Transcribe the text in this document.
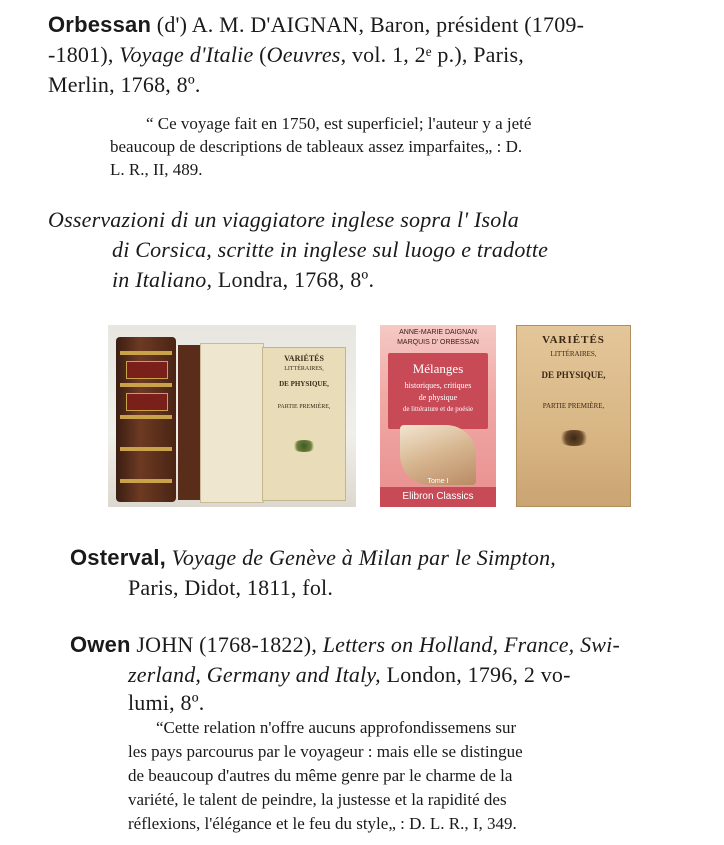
Orbessan (d') A. M. D'AIGNAN, Baron, président (1709-
-1801), Voyage d'Italie (Oeuvres, vol. 1, 2ᵉ p.), Paris,
Merlin, 1768, 8º.
“ Ce voyage fait en 1750, est superficiel; l'auteur y a jeté
beaucoup de descriptions de tableaux assez imparfaites„ : D.
L. R., II, 489.
Osservazioni di un viaggiatore inglese sopra l' Isola
di Corsica, scritte in inglese sul luogo e tradotte
in Italiano, Londra, 1768, 8º.
VARIÉTÉS
LITTÉRAIRES,
DE PHYSIQUE,
PARTIE PREMIÈRE,
ANNE-MARIE DAIGNAN
MARQUIS D' ORBESSAN
Mélanges
historiques, critiques
de physique
de littérature et de poésie
Tome I
Elibron Classics
VARIÉTÉS
LITTÉRAIRES,
DE PHYSIQUE,
PARTIE PREMIÈRE,
Osterval, Voyage de Genève à Milan par le Simpton,
Paris, Didot, 1811, fol.
Owen JOHN (1768-1822), Letters on Holland, France, Swi-
zerland, Germany and Italy, London, 1796, 2 vo-
lumi, 8º.
“Cette relation n'offre aucuns approfondissemens sur
les pays parcourus par le voyageur : mais elle se distingue
de beaucoup d'autres du même genre par le charme de la
variété, le talent de peindre, la justesse et la rapidité des
réflexions, l'élégance et le feu du style„ : D. L. R., I, 349.
